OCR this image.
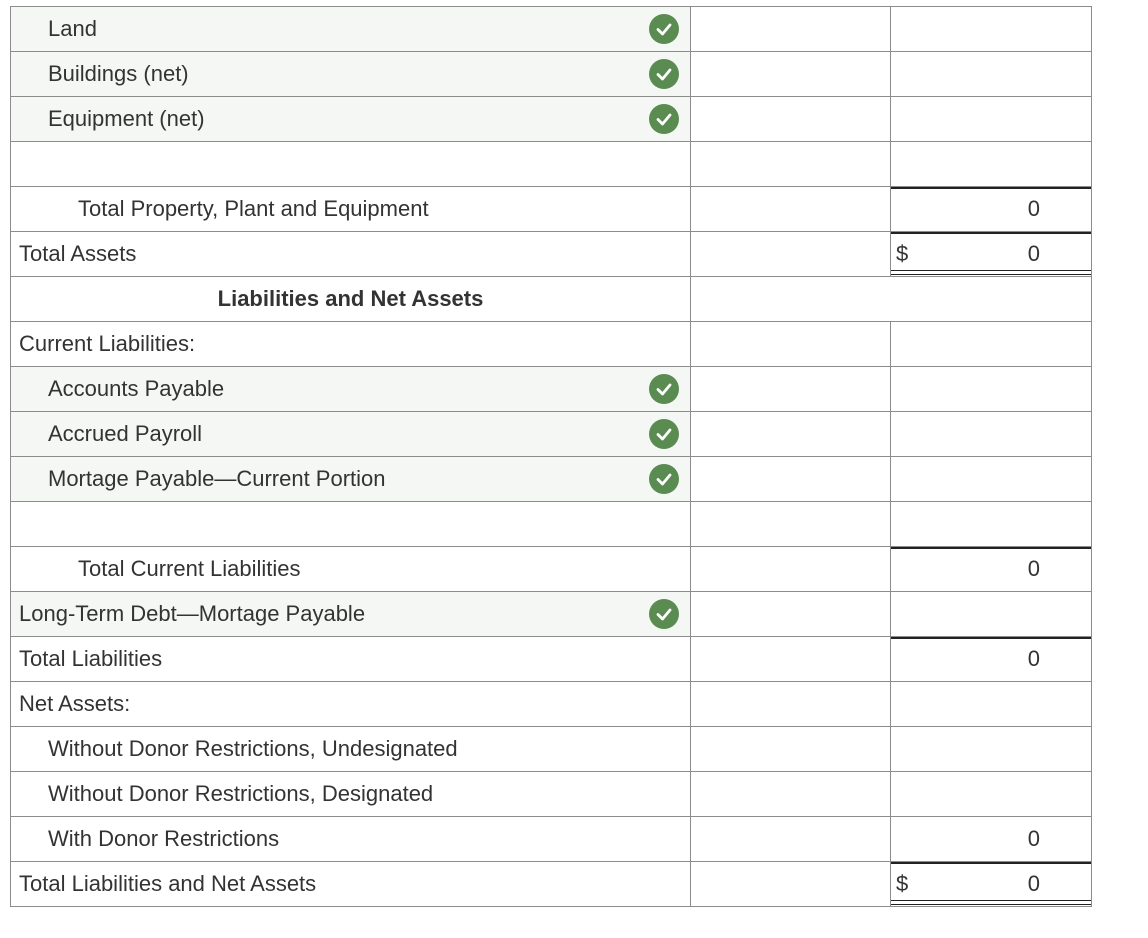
Land		

Buildings (net)		

Equipment (net)		

Total Property, Plant and Equipment		0

Total Assets		$ 0

Liabilities and Net Assets		

Current Liabilities:		

Accounts Payable		

Accrued Payroll		

Mortage Payable—Current Portion		

Total Current Liabilities		0

Long-Term Debt—Mortage Payable		

Total Liabilities		0

Net Assets:		

Without Donor Restrictions, Undesignated		

Without Donor Restrictions, Designated		

With Donor Restrictions		0

Total Liabilities and Net Assets		$ 0
